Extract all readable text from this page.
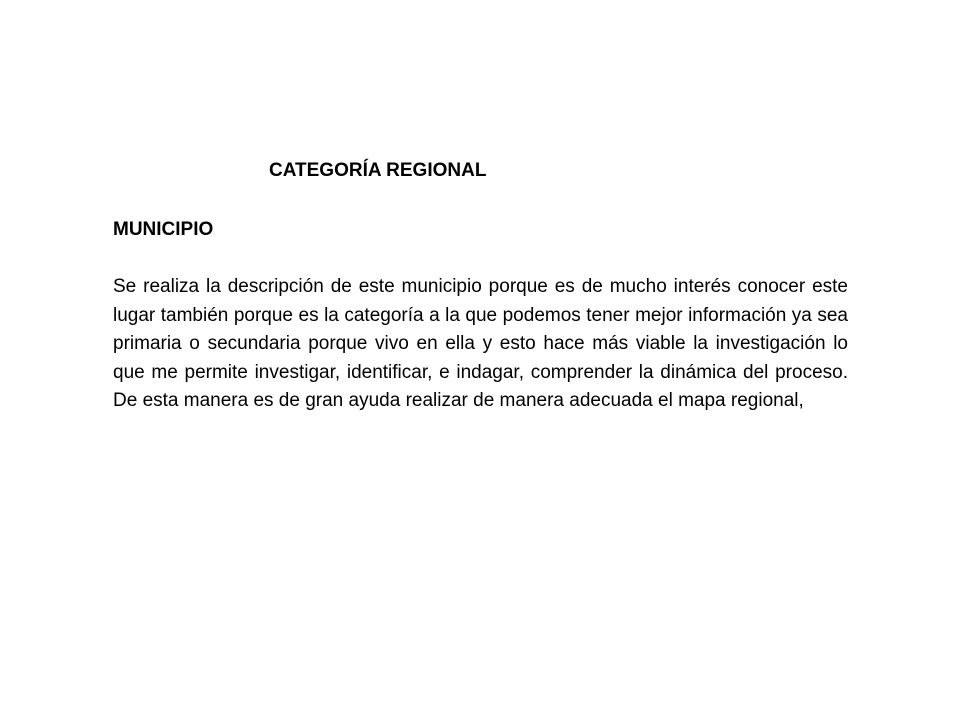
CATEGORÍA REGIONAL
MUNICIPIO

Se realiza la descripción de este municipio porque es de mucho interés conocer este lugar también porque es la categoría a la que podemos tener mejor información ya sea primaria o secundaria porque vivo en ella y esto hace más viable la investigación lo que me permite investigar, identificar, e indagar, comprender la dinámica del proceso. De esta manera es de gran ayuda realizar de manera adecuada el mapa regional,
